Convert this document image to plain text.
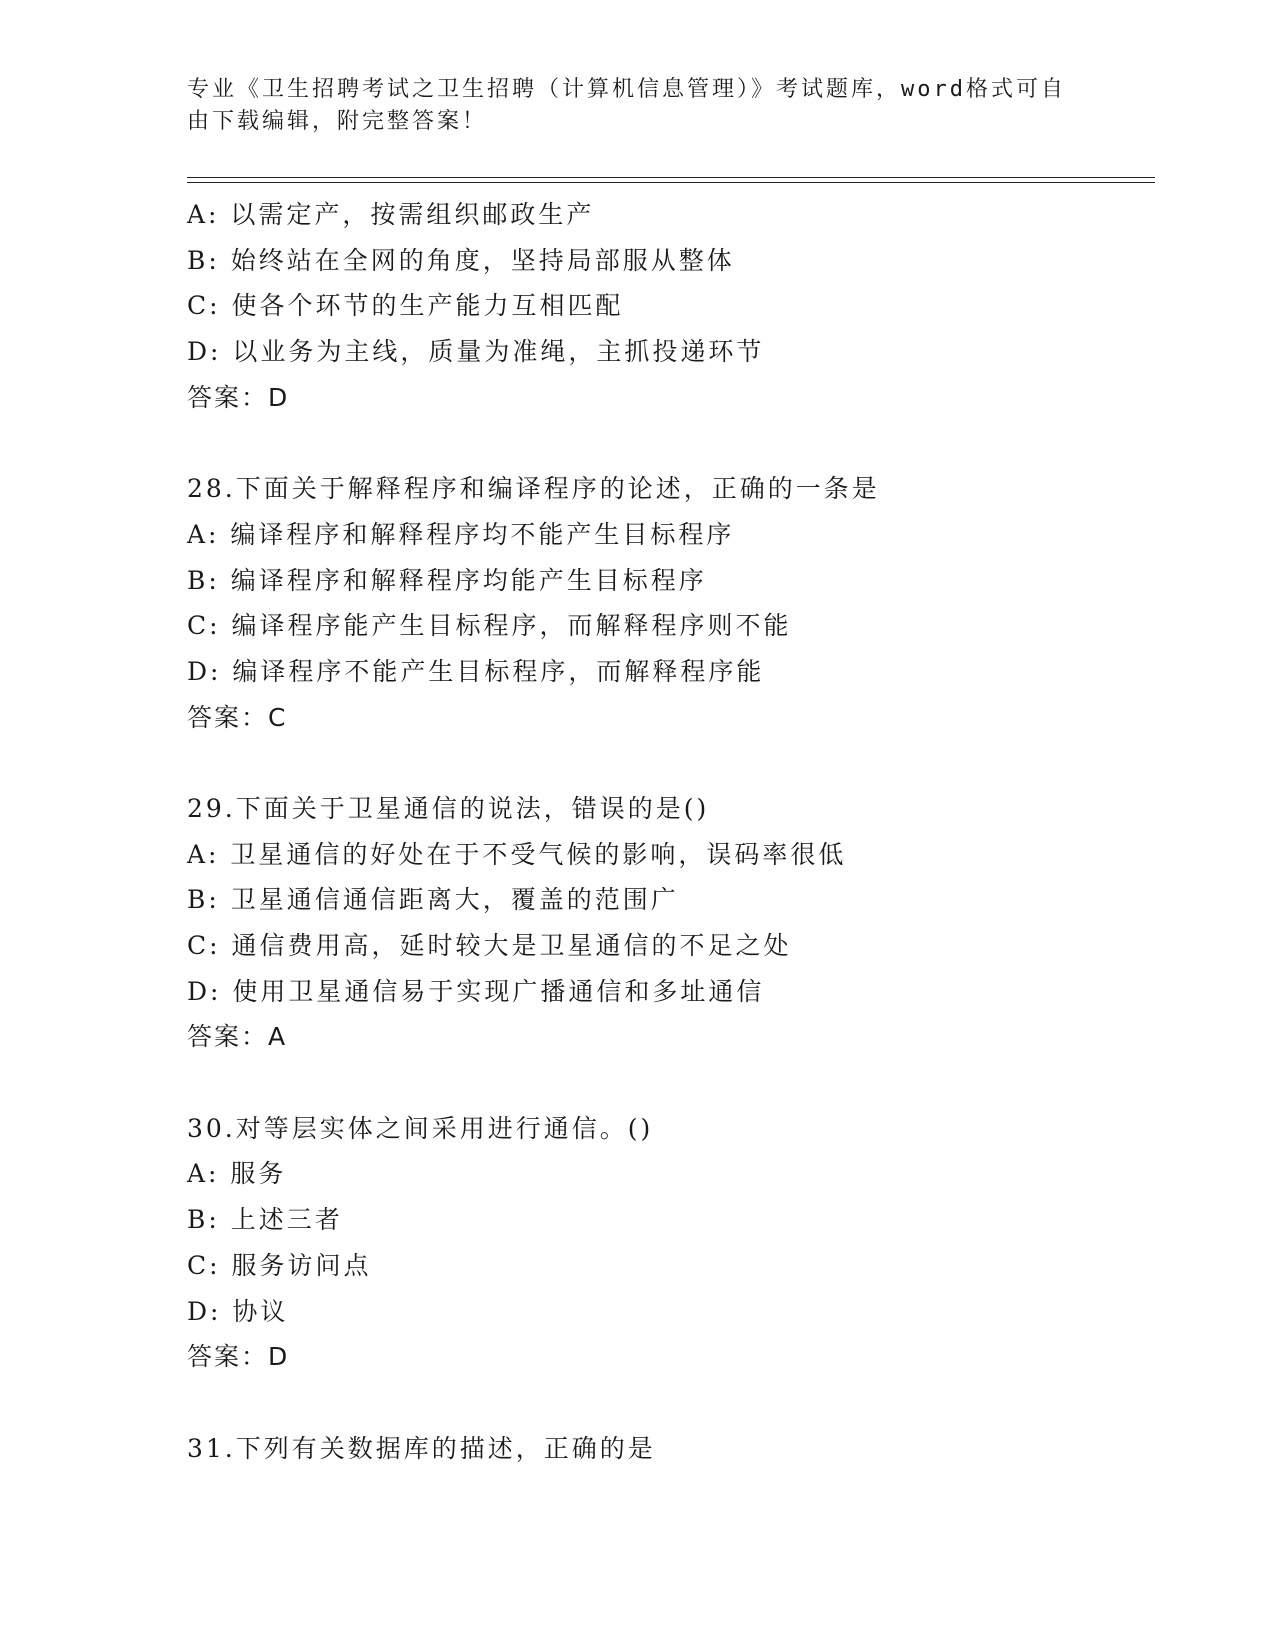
专业《卫生招聘考试之卫生招聘（计算机信息管理）》考试题库，word格式可自
由下载编辑，附完整答案！
A: 以需定产，按需组织邮政生产
B: 始终站在全网的角度，坚持局部服从整体
C: 使各个环节的生产能力互相匹配
D: 以业务为主线，质量为准绳，主抓投递环节
答案：D
28.下面关于解释程序和编译程序的论述，正确的一条是
A: 编译程序和解释程序均不能产生目标程序
B: 编译程序和解释程序均能产生目标程序
C: 编译程序能产生目标程序，而解释程序则不能
D: 编译程序不能产生目标程序，而解释程序能
答案：C
29.下面关于卫星通信的说法，错误的是()
A: 卫星通信的好处在于不受气候的影响，误码率很低
B: 卫星通信通信距离大，覆盖的范围广
C: 通信费用高，延时较大是卫星通信的不足之处
D: 使用卫星通信易于实现广播通信和多址通信
答案：A
30.对等层实体之间采用进行通信。()
A: 服务
B: 上述三者
C: 服务访问点
D: 协议
答案：D
31.下列有关数据库的描述，正确的是
